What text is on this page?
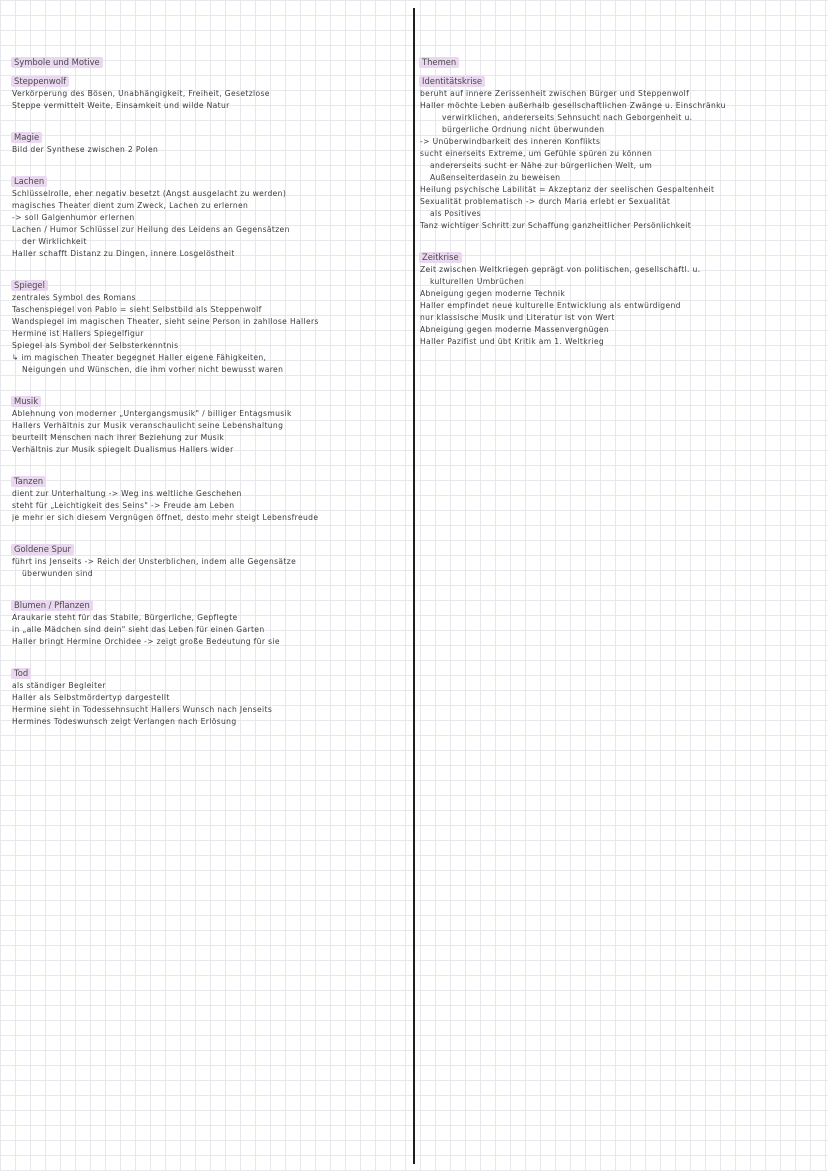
Symbole und Motive
Steppenwolf
Verkörperung des Bösen, Unabhängigkeit, Freiheit, Gesetzlose
Steppe vermittelt Weite, Einsamkeit und wilde Natur
Magie
Bild der Synthese zwischen 2 Polen
Lachen
Schlüsselrolle, eher negativ besetzt (Angst ausgelacht zu werden)
magisches Theater dient zum Zweck, Lachen zu erlernen
-> soll Galgenhumor erlernen
Lachen / Humor Schlüssel zur Heilung des Leidens an Gegensätzen
der Wirklichkeit
Haller schafft Distanz zu Dingen, innere Losgelöstheit
Spiegel
zentrales Symbol des Romans
Taschenspiegel von Pablo = sieht Selbstbild als Steppenwolf
Wandspiegel im magischen Theater, sieht seine Person in zahllose Hallers
Hermine ist Hallers Spiegelfigur
Spiegel als Symbol der Selbsterkenntnis
↳ im magischen Theater begegnet Haller eigene Fähigkeiten,
Neigungen und Wünschen, die ihm vorher nicht bewusst waren
Musik
Ablehnung von moderner „Untergangsmusik" / billiger Entagsmusik
Hallers Verhältnis zur Musik veranschaulicht seine Lebenshaltung
beurteilt Menschen nach ihrer Beziehung zur Musik
Verhältnis zur Musik spiegelt Dualismus Hallers wider
Tanzen
dient zur Unterhaltung -> Weg ins weltliche Geschehen
steht für „Leichtigkeit des Seins" -> Freude am Leben
je mehr er sich diesem Vergnügen öffnet, desto mehr steigt Lebensfreude
Goldene Spur
führt ins Jenseits -> Reich der Unsterblichen, indem alle Gegensätze
überwunden sind
Blumen / Pflanzen
Araukarie steht für das Stabile, Bürgerliche, Gepflegte
in „alle Mädchen sind dein" sieht das Leben für einen Garten
Haller bringt Hermine Orchidee -> zeigt große Bedeutung für sie
Tod
als ständiger Begleiter
Haller als Selbstmördertyp dargestellt
Hermine sieht in Todessehnsucht Hallers Wunsch nach Jenseits
Hermines Todeswunsch zeigt Verlangen nach Erlösung
Themen
Identitätskrise
beruht auf innere Zerissenheit zwischen Bürger und Steppenwolf
Haller möchte Leben außerhalb gesellschaftlichen Zwänge u. Einschränku
verwirklichen, andererseits Sehnsucht nach Geborgenheit u.
bürgerliche Ordnung nicht überwunden
-> Unüberwindbarkeit des inneren Konflikts
sucht einerseits Extreme, um Gefühle spüren zu können
andererseits sucht er Nähe zur bürgerlichen Welt, um
Außenseiterdasein zu beweisen
Heilung psychische Labilität = Akzeptanz der seelischen Gespaltenheit
Sexualität problematisch -> durch Maria erlebt er Sexualität
als Positives
Tanz wichtiger Schritt zur Schaffung ganzheitlicher Persönlichkeit
Zeitkrise
Zeit zwischen Weltkriegen geprägt von politischen, gesellschaftl. u.
kulturellen Umbrüchen
Abneigung gegen moderne Technik
Haller empfindet neue kulturelle Entwicklung als entwürdigend
nur klassische Musik und Literatur ist von Wert
Abneigung gegen moderne Massenvergnügen
Haller Pazifist und übt Kritik am 1. Weltkrieg
